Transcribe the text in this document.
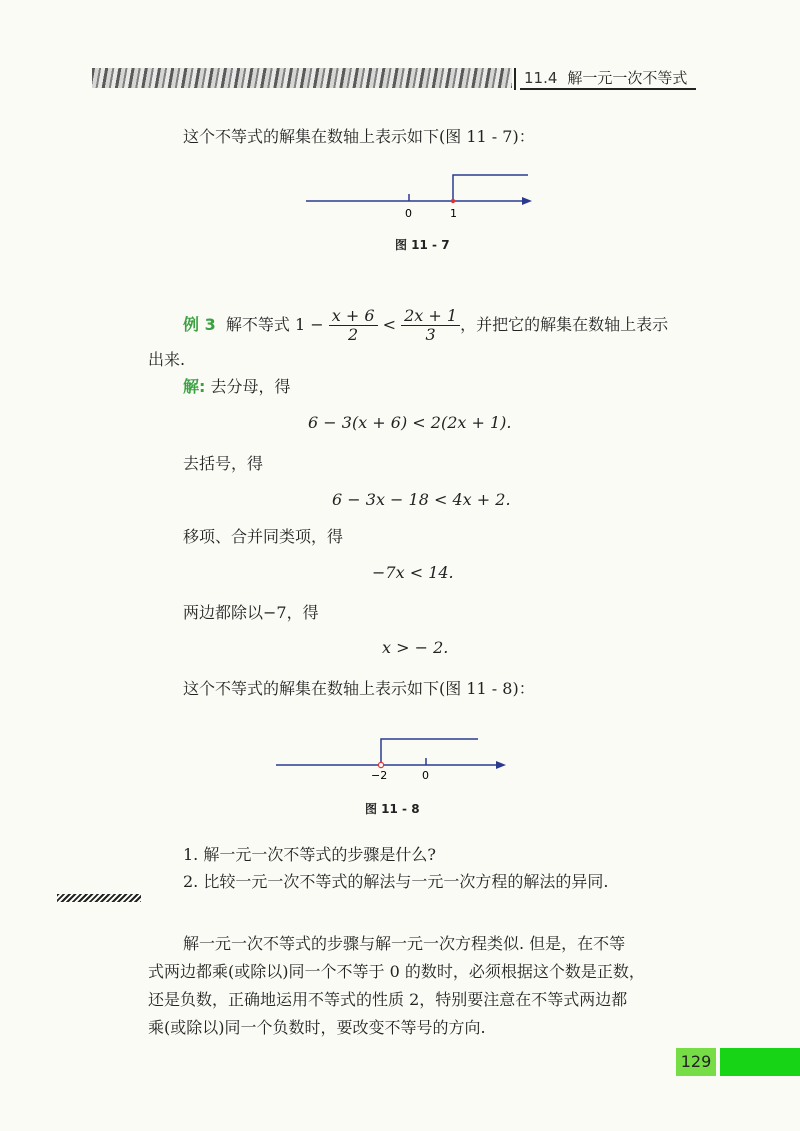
11.4 解一元一次不等式
这个不等式的解集在数轴上表示如下(图 11 - 7)：
0	1
图 11 - 7
例 3 解不等式 $1 - \frac{x + 6}{2} < \frac{2x + 1}{3}$ ，并把它的解集在数轴上表示
出来.
解: 去分母，得
6 − 3(x + 6) < 2(2x + 1).
去括号，得
6 − 3x − 18 < 4x + 2.
移项、合并同类项，得
−7x < 14.
两边都除以−7，得
x > − 2.
这个不等式的解集在数轴上表示如下(图 11 - 8)：
−2	0
图 11 - 8
1. 解一元一次不等式的步骤是什么?
2. 比较一元一次不等式的解法与一元一次方程的解法的异同.
解一元一次不等式的步骤与解一元一次方程类似. 但是，在不等
式两边都乘(或除以)同一个不等于 0 的数时，必须根据这个数是正数，
还是负数，正确地运用不等式的性质 2，特别要注意在不等式两边都
乘(或除以)同一个负数时，要改变不等号的方向.
129
